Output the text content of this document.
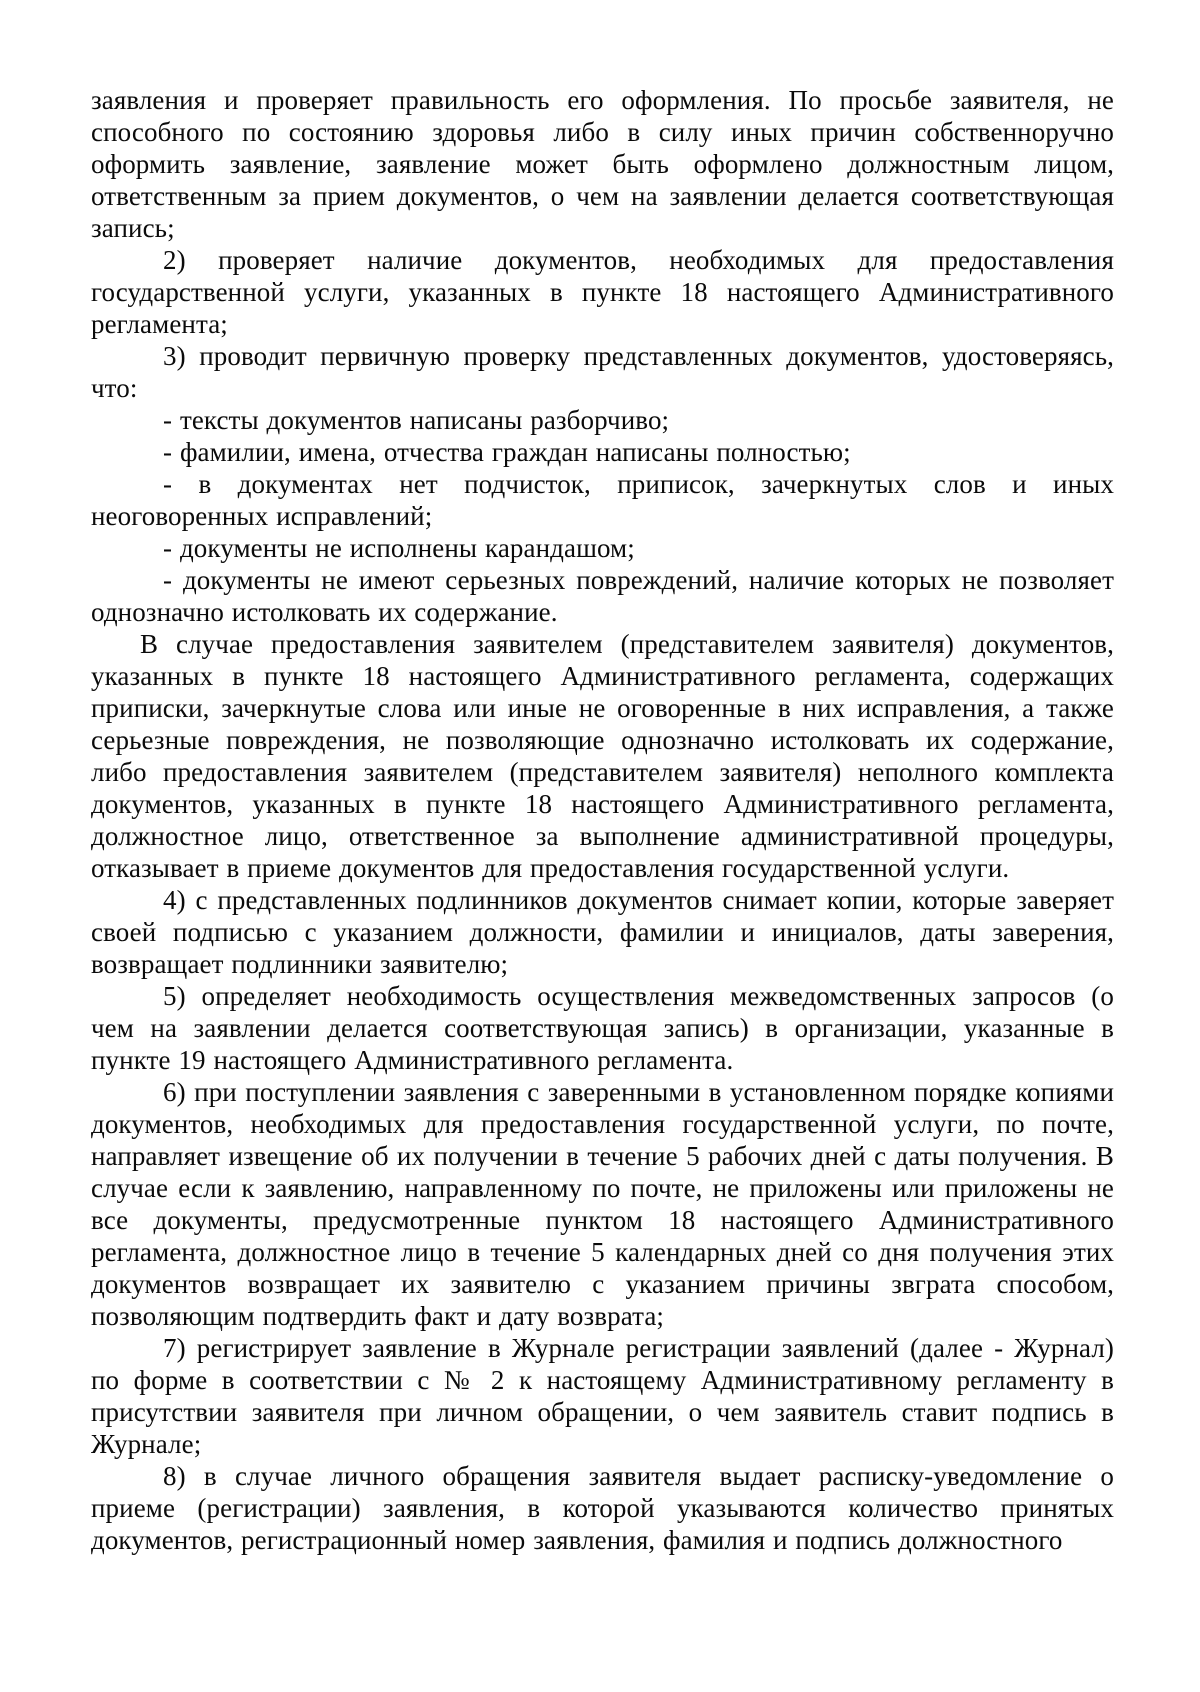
заявления и проверяет правильность его оформления. По просьбе заявителя, не способного по состоянию здоровья либо в силу иных причин собственноручно оформить заявление, заявление может быть оформлено должностным лицом, ответственным за прием документов, о чем на заявлении делается соответствующая запись;

2) проверяет наличие документов, необходимых для предоставления государственной услуги, указанных в пункте 18 настоящего Административного регламента;

3) проводит первичную проверку представленных документов, удостоверяясь, что:

- тексты документов написаны разборчиво;

- фамилии, имена, отчества граждан написаны полностью;

- в документах нет подчисток, приписок, зачеркнутых слов и иных неоговоренных исправлений;

- документы не исполнены карандашом;

- документы не имеют серьезных повреждений, наличие которых не позволяет однозначно истолковать их содержание.

В случае предоставления заявителем (представителем заявителя) документов, указанных в пункте 18 настоящего Административного регламента, содержащих приписки, зачеркнутые слова или иные не оговоренные в них исправления, а также серьезные повреждения, не позволяющие однозначно истолковать их содержание, либо предоставления заявителем (представителем заявителя) неполного комплекта документов, указанных в пункте 18 настоящего Административного регламента, должностное лицо, ответственное за выполнение административной процедуры, отказывает в приеме документов для предоставления государственной услуги.

4) с представленных подлинников документов снимает копии, которые заверяет своей подписью с указанием должности, фамилии и инициалов, даты заверения, возвращает подлинники заявителю;

5) определяет необходимость осуществления межведомственных запросов (о чем на заявлении делается соответствующая запись) в организации, указанные в пункте 19 настоящего Административного регламента.

6) при поступлении заявления с заверенными в установленном порядке копиями документов, необходимых для предоставления государственной услуги, по почте, направляет извещение об их получении в течение 5 рабочих дней с даты получения. В случае если к заявлению, направленному по почте, не приложены или приложены не все документы, предусмотренные пунктом 18 настоящего Административного регламента, должностное лицо в течение 5 календарных дней со дня получения этих документов возвращает их заявителю с указанием причины звграта способом, позволяющим подтвердить факт и дату возврата;

7) регистрирует заявление в Журнале регистрации заявлений (далее - Журнал) по форме в соответствии с № 2 к настоящему Административному регламенту в присутствии заявителя при личном обращении, о чем заявитель ставит подпись в Журнале;

8) в случае личного обращения заявителя выдает расписку-уведомление о приеме (регистрации) заявления, в которой указываются количество принятых документов, регистрационный номер заявления, фамилия и подпись должностного
